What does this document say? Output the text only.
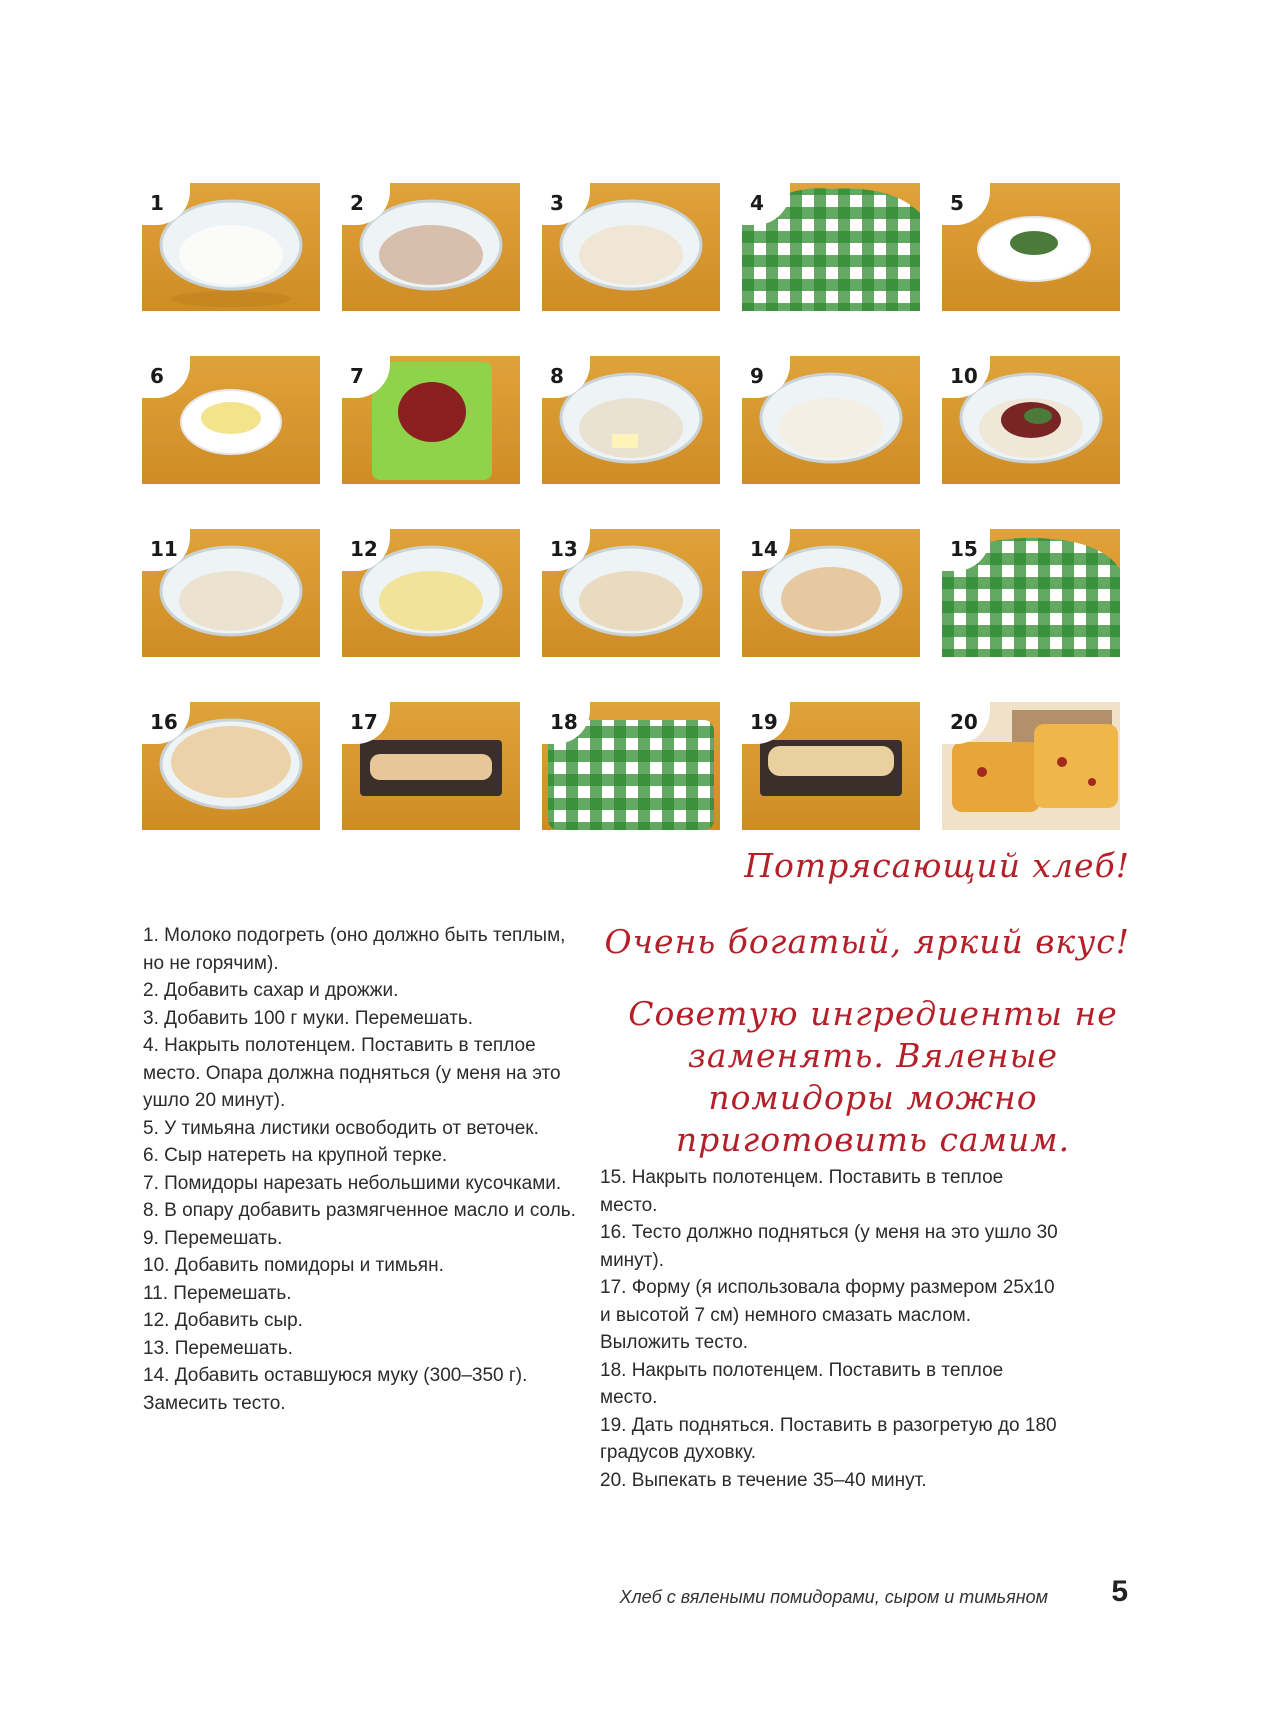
1	2	3	4	5
6	7	8	9	10
11	12	13	14	15
16	17	18	19	20
Потрясающий хлеб!
Очень богатый, яркий вкус!
Советую ингредиенты не заменять. Вяленые помидоры можно приготовить самим.
1. Молоко подогреть (оно должно быть теплым, но не горячим).
2. Добавить сахар и дрожжи.
3. Добавить 100 г муки. Перемешать.
4. Накрыть полотенцем. Поставить в теплое место. Опара должна подняться (у меня на это ушло 20 минут).
5. У тимьяна листики освободить от веточек.
6. Сыр натереть на крупной терке.
7. Помидоры нарезать небольшими кусочками.
8. В опару добавить размягченное масло и соль.
9. Перемешать.
10. Добавить помидоры и тимьян.
11. Перемешать.
12. Добавить сыр.
13. Перемешать.
14. Добавить оставшуюся муку (300–350 г). Замесить тесто.
15. Накрыть полотенцем. Поставить в теплое место.
16. Тесто должно подняться (у меня на это ушло 30 минут).
17. Форму (я использовала форму размером 25х10 и высотой 7 см) немного смазать маслом. Выложить тесто.
18. Накрыть полотенцем. Поставить в теплое место.
19. Дать подняться. Поставить в разогретую до 180 градусов духовку.
20. Выпекать в течение 35–40 минут.
Хлеб с вялеными помидорами, сыром и тимьяном 5
